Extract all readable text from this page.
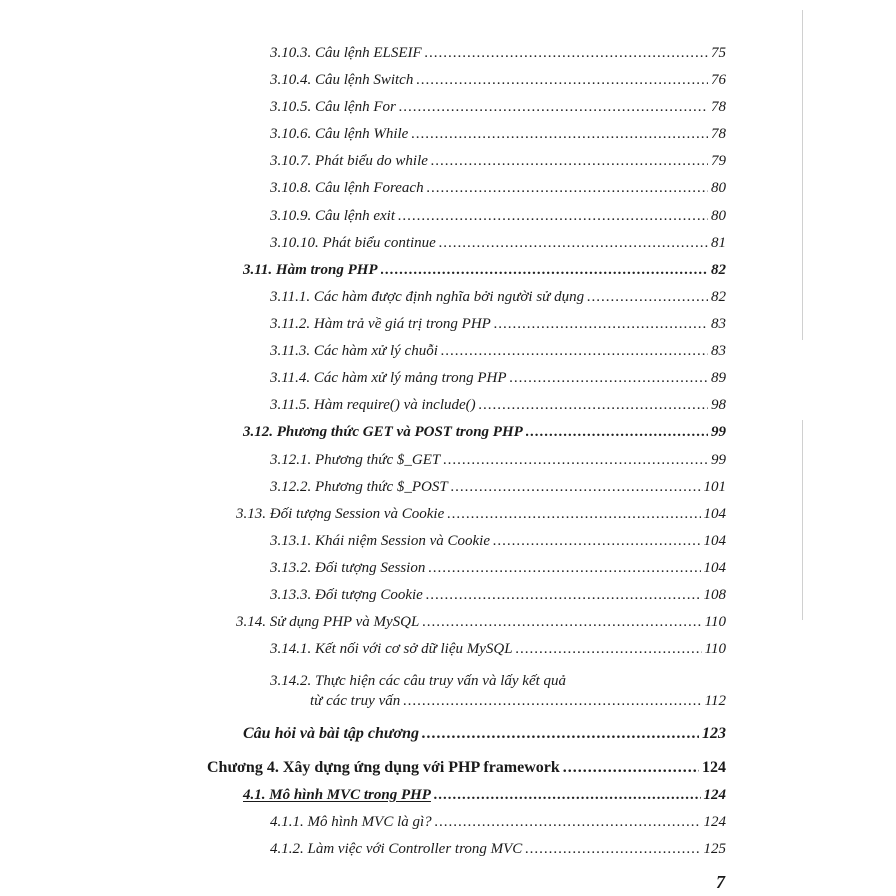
3.10.3. Câu lệnh ELSEIF .....	75
3.10.4. Câu lệnh Switch .....	76
3.10.5. Câu lệnh For .....	78
3.10.6. Câu lệnh While .....	78
3.10.7. Phát biểu do while .....	79
3.10.8. Câu lệnh Foreach .....	80
3.10.9. Câu lệnh exit .....	80
3.10.10. Phát biểu continue .....	81
3.11. Hàm trong PHP .....	82
3.11.1. Các hàm được định nghĩa bởi người sử dụng .....	82
3.11.2. Hàm trả về giá trị trong PHP .....	83
3.11.3. Các hàm xử lý chuỗi .....	83
3.11.4. Các hàm xử lý mảng trong PHP .....	89
3.11.5. Hàm require() và include() .....	98
3.12. Phương thức GET và POST trong PHP .....	99
3.12.1. Phương thức $_GET .....	99
3.12.2. Phương thức $_POST .....	101
3.13. Đối tượng Session và Cookie .....	104
3.13.1. Khái niệm Session và Cookie .....	104
3.13.2. Đối tượng Session .....	104
3.13.3. Đối tượng Cookie .....	108
3.14. Sử dụng PHP và MySQL .....	110
3.14.1. Kết nối với cơ sở dữ liệu MySQL .....	110
3.14.2. Thực hiện các câu truy vấn và lấy kết quả
từ các truy vấn .....	112
Câu hỏi và bài tập chương .....	123
Chương 4. Xây dựng ứng dụng với PHP framework .....	124
4.1. Mô hình MVC trong PHP .....	124
4.1.1. Mô hình MVC là gì? .....	124
4.1.2. Làm việc với Controller trong MVC .....	125
7
